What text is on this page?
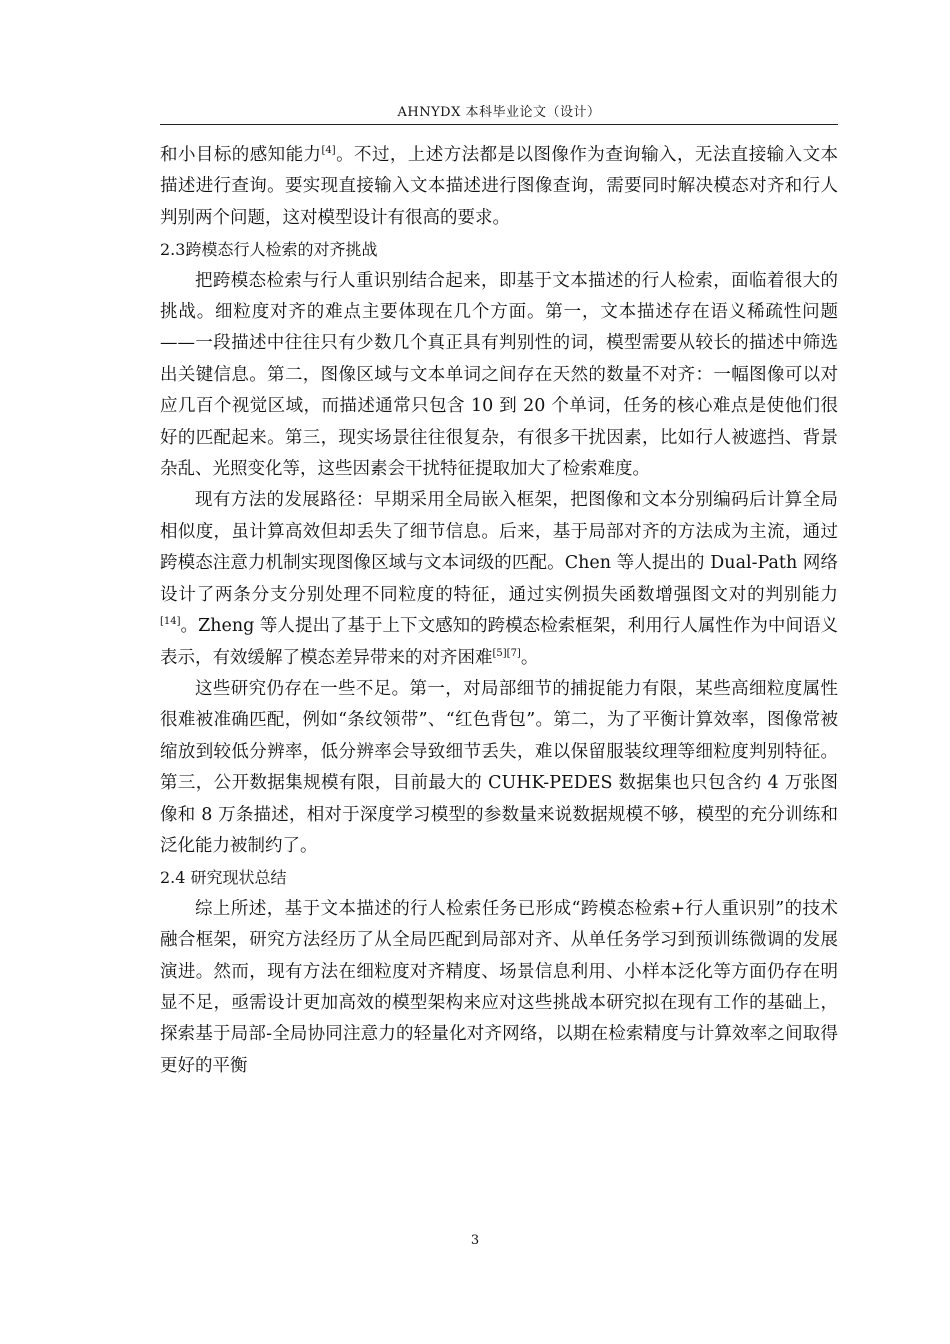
AHNYDX 本科毕业论文（设计）

和小目标的感知能力[4]。不过，上述方法都是以图像作为查询输入，无法直接输入文本描述进行查询。要实现直接输入文本描述进行图像查询，需要同时解决模态对齐和行人判别两个问题，这对模型设计有很高的要求。

2.3跨模态行人检索的对齐挑战

把跨模态检索与行人重识别结合起来，即基于文本描述的行人检索，面临着很大的挑战。细粒度对齐的难点主要体现在几个方面。第一，文本描述存在语义稀疏性问题——一段描述中往往只有少数几个真正具有判别性的词，模型需要从较长的描述中筛选出关键信息。第二，图像区域与文本单词之间存在天然的数量不对齐：一幅图像可以对应几百个视觉区域，而描述通常只包含 10 到 20 个单词，任务的核心难点是使他们很好的匹配起来。第三，现实场景往往很复杂，有很多干扰因素，比如行人被遮挡、背景杂乱、光照变化等，这些因素会干扰特征提取加大了检索难度。

现有方法的发展路径：早期采用全局嵌入框架，把图像和文本分别编码后计算全局相似度，虽计算高效但却丢失了细节信息。后来，基于局部对齐的方法成为主流，通过跨模态注意力机制实现图像区域与文本词级的匹配。Chen 等人提出的 Dual-Path 网络设计了两条分支分别处理不同粒度的特征，通过实例损失函数增强图文对的判别能力[14]。Zheng 等人提出了基于上下文感知的跨模态检索框架，利用行人属性作为中间语义表示，有效缓解了模态差异带来的对齐困难[5][7]。

这些研究仍存在一些不足。第一，对局部细节的捕捉能力有限，某些高细粒度属性很难被准确匹配，例如“条纹领带”、“红色背包”。第二，为了平衡计算效率，图像常被缩放到较低分辨率，低分辨率会导致细节丢失，难以保留服装纹理等细粒度判别特征。第三，公开数据集规模有限，目前最大的 CUHK-PEDES 数据集也只包含约 4 万张图像和 8 万条描述，相对于深度学习模型的参数量来说数据规模不够，模型的充分训练和泛化能力被制约了。

2.4 研究现状总结

综上所述，基于文本描述的行人检索任务已形成“跨模态检索+行人重识别”的技术融合框架，研究方法经历了从全局匹配到局部对齐、从单任务学习到预训练微调的发展演进。然而，现有方法在细粒度对齐精度、场景信息利用、小样本泛化等方面仍存在明显不足，亟需设计更加高效的模型架构来应对这些挑战本研究拟在现有工作的基础上，探索基于局部-全局协同注意力的轻量化对齐网络，以期在检索精度与计算效率之间取得更好的平衡

3
